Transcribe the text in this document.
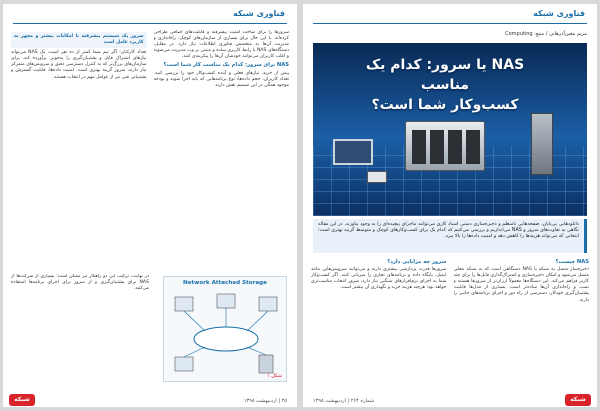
فناوری شبکه

سرورها را برای ساخت امنیت پیشرفته و قابلیت‌های اضافی طراحی کرده‌اند. با این حال برای بسیاری از سازمان‌های کوچک، راه‌اندازی و مدیریت آن‌ها به متخصص فناوری اطلاعات نیاز دارد. در مقابل، دستگاه‌های NAS با رابط کاربری ساده و مبتنی بر وب مدیریت می‌شوند و اغلب کاربران می‌توانند خودشان آن‌ها را پیکربندی کنند.

NAS برای سرور: کدام یک مناسب کار شما است؟

پیش از خرید، نیازهای فعلی و آینده کسب‌وکار خود را بررسی کنید. تعداد کاربران، حجم داده‌ها، نوع برنامه‌هایی که باید اجرا شوند و بودجه موجود همگی در این تصمیم نقش دارند.

سرور یک سیستم پیشرفته با امکانات بیشتر و مجهز به کاربرد عامل است

تعداد کارکنان: اگر تیم شما کمتر از ده نفر است، یک NAS می‌تواند نیازهای اشتراک فایل و پشتیبان‌گیری را به‌خوبی برآورده کند. برای سازمان‌های بزرگ‌تر که به کنترل دسترسی دقیق و سرویس‌های متمرکز نیاز دارند، سرور گزینه بهتری است. امنیت داده‌ها، قابلیت گسترش و پشتیبانی فنی نیز از عوامل مهم در انتخاب هستند.

در نهایت، ترکیب این دو راهکار نیز ممکن است؛ بسیاری از شرکت‌ها از NAS برای پشتیبان‌گیری و از سرور برای اجرای برنامه‌ها استفاده می‌کنند.

Network Attached Storage
شکل ۱
شبکه	۲۵ | اردیبهشت ۱۳۹۸
فناوری شبکه
مریم معین‌آذرهانی / منبع: Computing
NAS یا سرور: کدام یک مناسب
کسب‌وکار شما است؟
دانلودهایی بی‌پایان، صفحه‌هایی نامنظم و ذخیره‌سازی دستی اسناد کاری می‌توانند ماجرای پیچیده‌ای را به وجود بیاورند. در این مقاله نگاهی به تفاوت‌های سرور و NAS می‌اندازیم و بررسی می‌کنیم که کدام یک برای کسب‌وکارهای کوچک و متوسط گزینه بهتری است؛ انتخابی که می‌تواند هزینه‌ها را کاهش دهد و امنیت داده‌ها را بالا ببرد.
NAS چیست؟

ذخیره‌ساز متصل به شبکه یا NAS دستگاهی است که به شبکه محلی متصل می‌شود و امکان ذخیره‌سازی و اشتراک‌گذاری فایل‌ها را برای چند کاربر فراهم می‌کند. این دستگاه‌ها معمولاً ارزان‌تر از سرورها هستند و نصب و راه‌اندازی آن‌ها ساده‌تر است. بسیاری از مدل‌ها قابلیت پشتیبان‌گیری خودکار، دسترسی از راه دور و اجرای برنامه‌های جانبی را دارند.

سرور چه مزایایی دارد؟

سرورها قدرت پردازشی بیشتری دارند و می‌توانند سرویس‌هایی مانند ایمیل، پایگاه داده و برنامه‌های تجاری را میزبانی کنند. اگر کسب‌وکار شما به اجرای نرم‌افزارهای سنگین نیاز دارد، سرور انتخاب مناسب‌تری خواهد بود؛ هرچند هزینه خرید و نگهداری آن بیشتر است.

شبکه
شماره ۲۶۴ | اردیبهشت ۱۳۹۸
